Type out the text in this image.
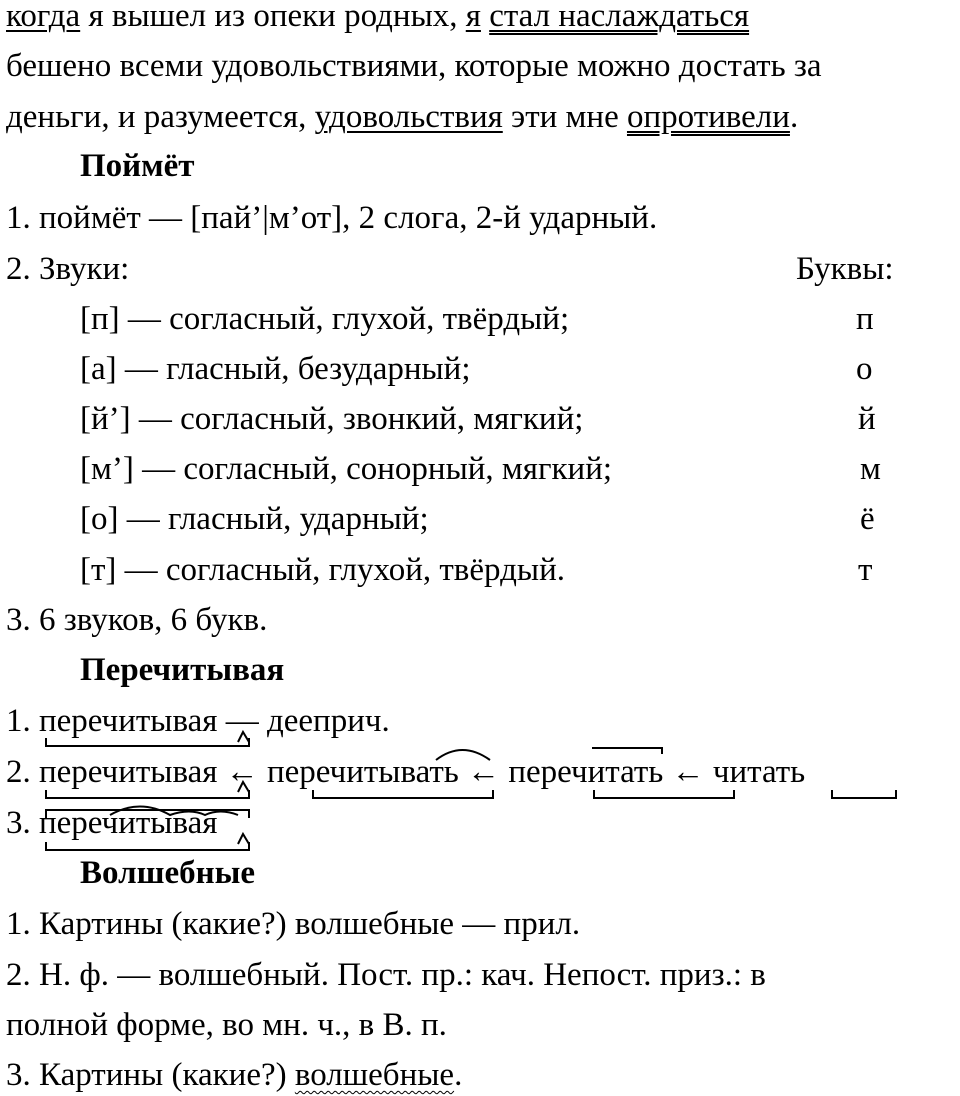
когда я вышел из опеки родных, я стал наслаждаться
бешено всеми удовольствиями, которые можно достать за
деньги, и разумеется, удовольствия эти мне опротивели.
Поймёт
1. поймёт — [пай’|м’от], 2 слога, 2-й ударный.
2. Звуки:	Буквы:
[п] — согласный, глухой, твёрдый;	п
[а] — гласный, безударный;	о
[й’] — согласный, звонкий, мягкий;	й
[м’] — согласный, сонорный, мягкий;	м
[о] — гласный, ударный;	ё
[т] — согласный, глухой, твёрдый.	т
3. 6 звуков, 6 букв.
Перечитывая
1. перечитывая — дееприч.
2. перечитывая ← перечитывать ← перечитать ← читать
3. перечитывая
Волшебные
1. Картины (какие?) волшебные — прил.
2. Н. ф. — волшебный. Пост. пр.: кач. Непост. приз.: в
полной форме, во мн. ч., в В. п.
3. Картины (какие?) волшебные.
